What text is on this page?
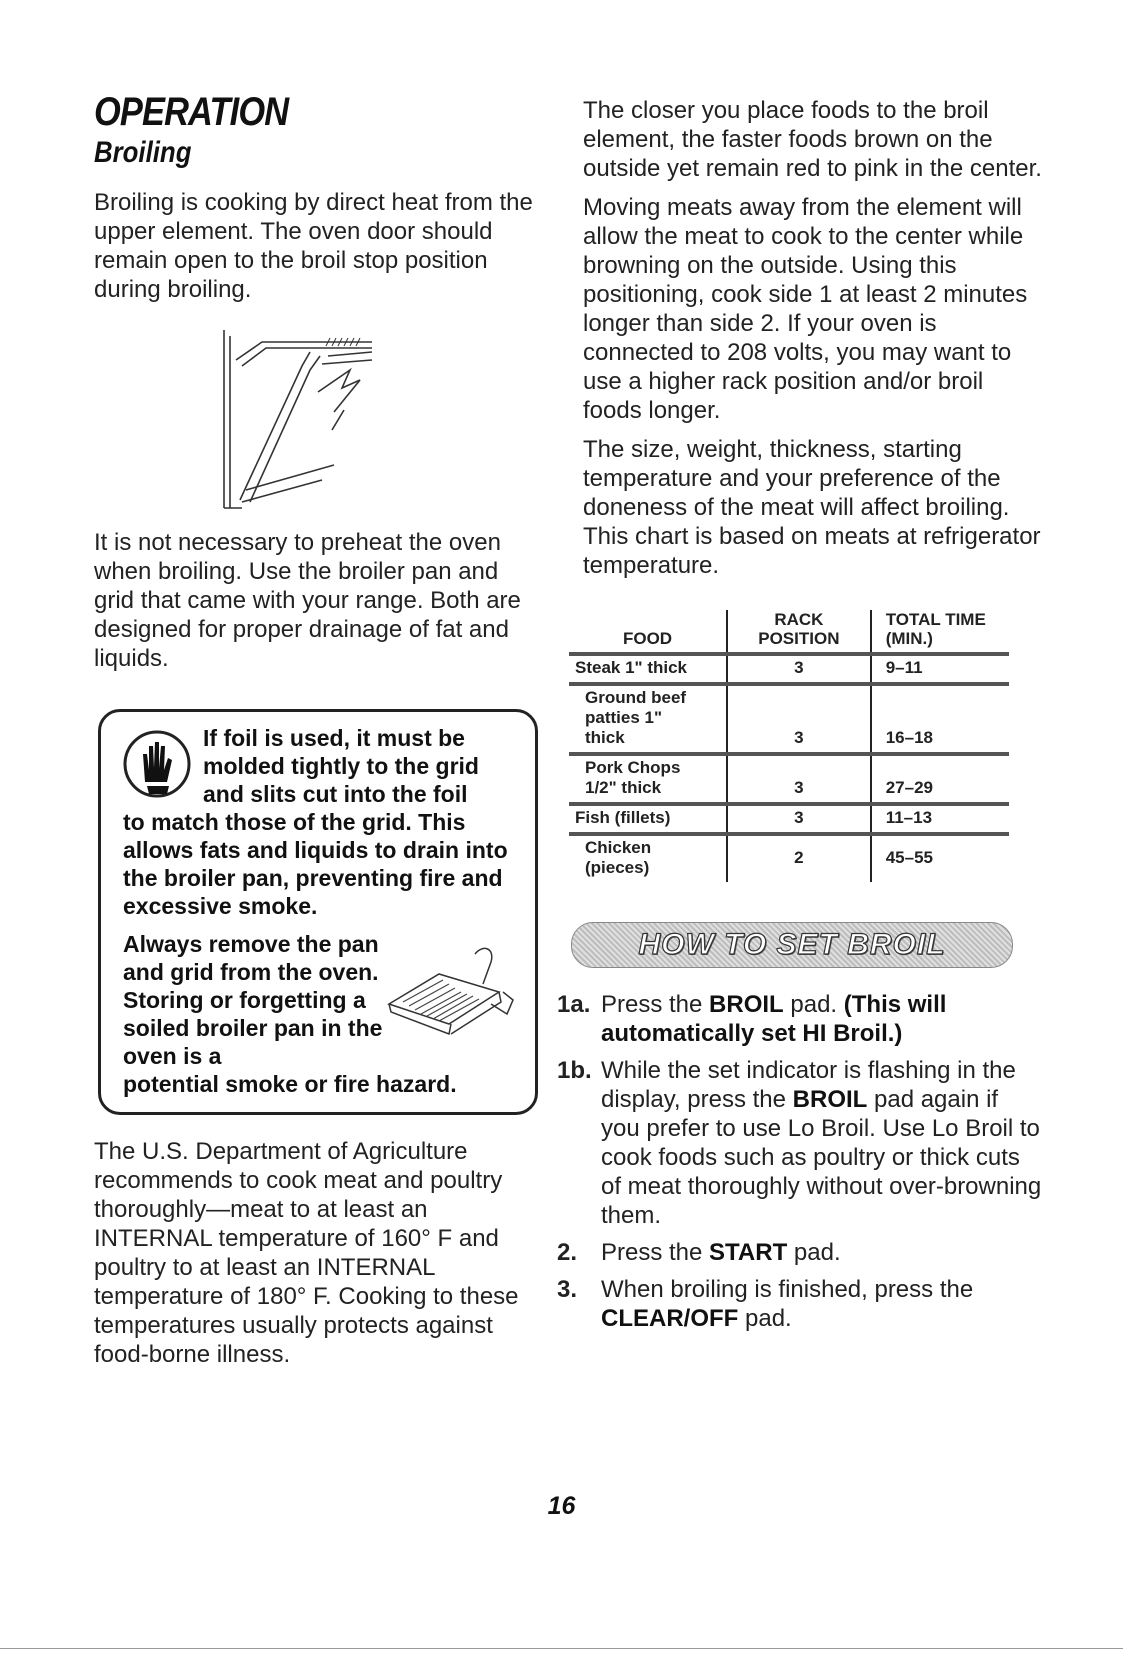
OPERATION
Broiling

Broiling is cooking by direct heat from the upper element. The oven door should remain open to the broil stop position during broiling.

It is not necessary to preheat the oven when broiling. Use the broiler pan and grid that came with your range. Both are designed for proper drainage of fat and liquids.

If foil is used, it must be molded tightly to the grid and slits cut into the foil

to match those of the grid. This allows fats and liquids to drain into the broiler pan, preventing fire and excessive smoke.

Always remove the pan and grid from the oven. Storing or forgetting a soiled broiler pan in the oven is a

potential smoke or fire hazard.

The U.S. Department of Agriculture recommends to cook meat and poultry thoroughly—meat to at least an INTERNAL temperature of 160° F and poultry to at least an INTERNAL temperature of 180° F. Cooking to these temperatures usually protects against food-borne illness.

The closer you place foods to the broil element, the faster foods brown on the outside yet remain red to pink in the center.

Moving meats away from the element will allow the meat to cook to the center while browning on the outside. Using this positioning, cook side 1 at least 2 minutes longer than side 2. If your oven is connected to 208 volts, you may want to use a higher rack position and/or broil foods longer.

The size, weight, thickness, starting temperature and your preference of the doneness of the meat will affect broiling. This chart is based on meats at refrigerator temperature.

FOOD	RACK POSITION	TOTAL TIME (MIN.)
Steak 1" thick	3	9–11

Ground beef patties 1" thick	3	16–18

Pork Chops 1/2" thick	3	27–29
Fish (fillets)	3	11–13

Chicken (pieces)	2	45–55
HOW TO SET BROIL
1a. Press the BROIL pad. (This will automatically set HI Broil.)
1b. While the set indicator is flashing in the display, press the BROIL pad again if you prefer to use Lo Broil. Use Lo Broil to cook foods such as poultry or thick cuts of meat thoroughly without over-browning them.
2. Press the START pad.
3. When broiling is finished, press the CLEAR/OFF pad.
16
